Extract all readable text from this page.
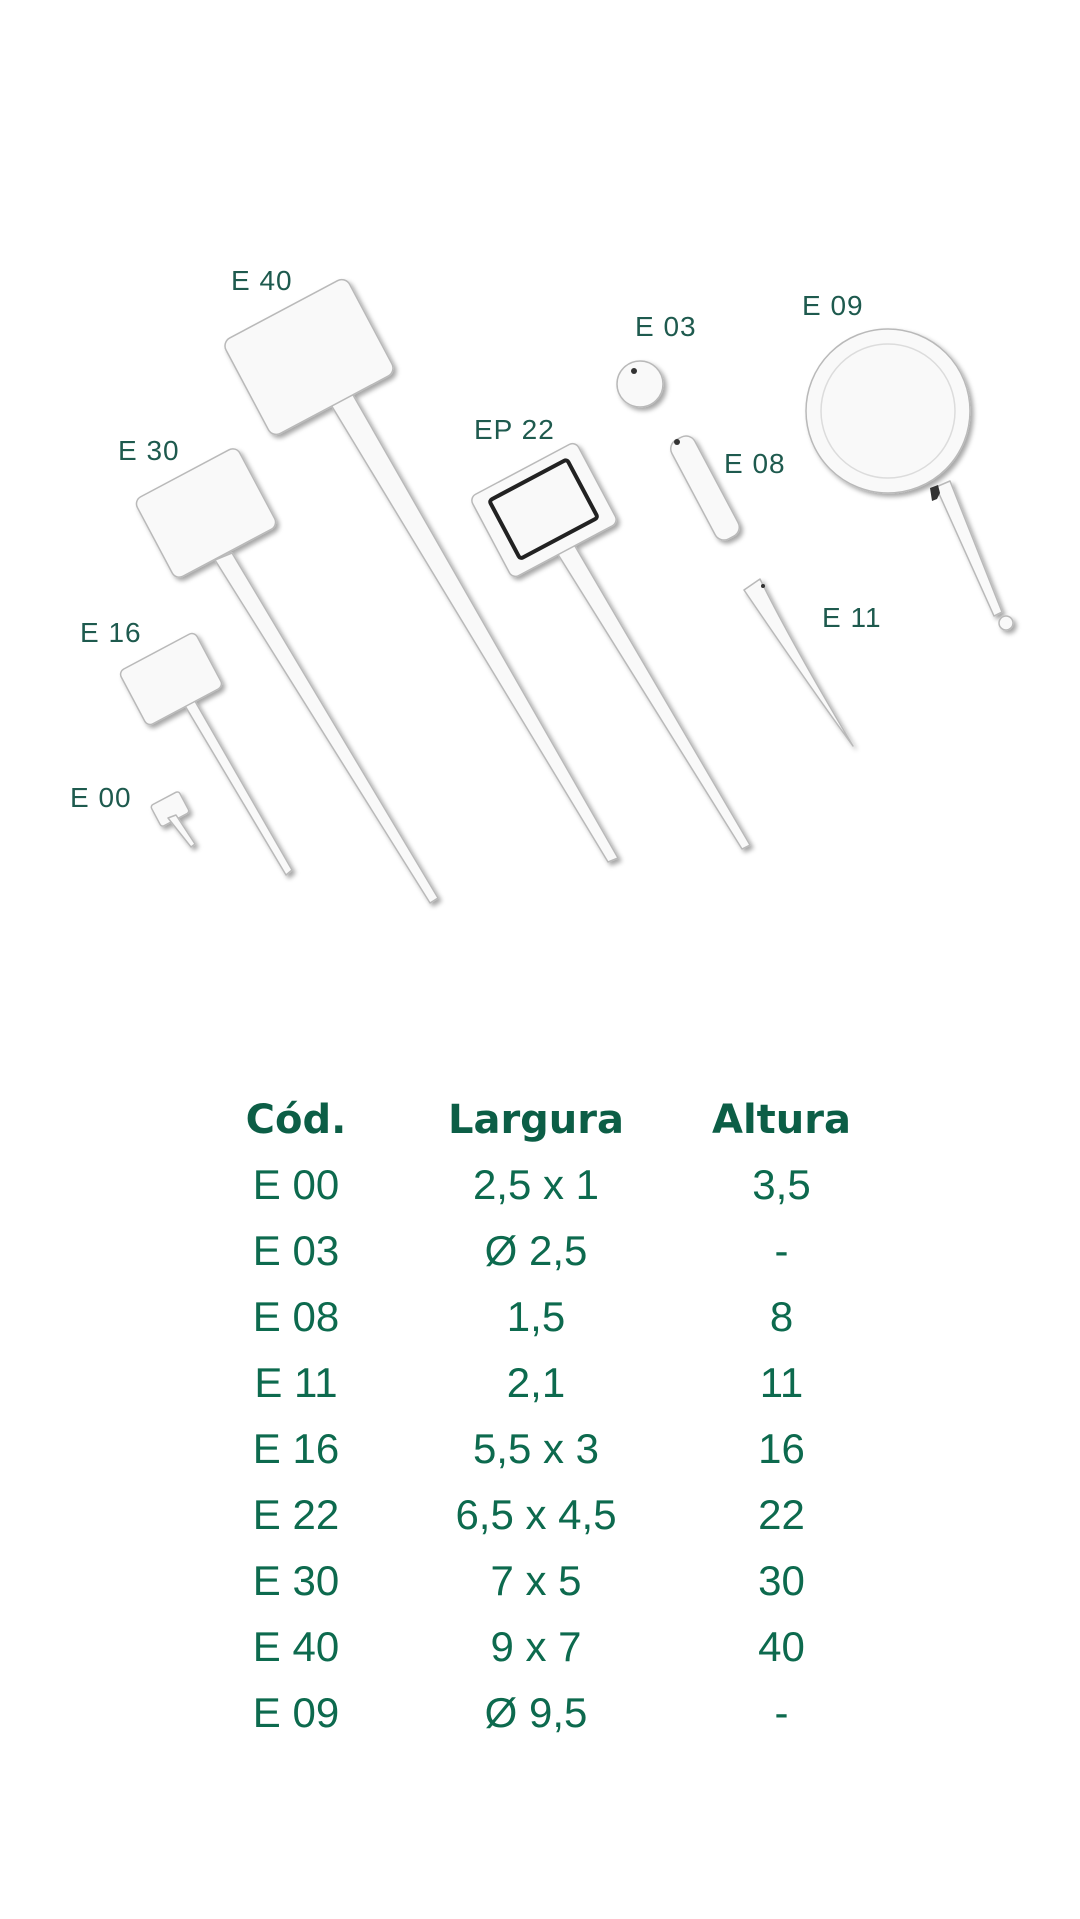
E 40
E 30
E 16
E 00
EP 22
E 03
E 08
E 09
E 11
Cód.	Largura	Altura
E 00	2,5 x 1	3,5
E 03	Ø 2,5	-
E 08	1,5	8
E 11	2,1	11
E 16	5,5 x 3	16
E 22	6,5 x 4,5	22
E 30	7 x 5	30
E 40	9 x 7	40
E 09	Ø 9,5	-
